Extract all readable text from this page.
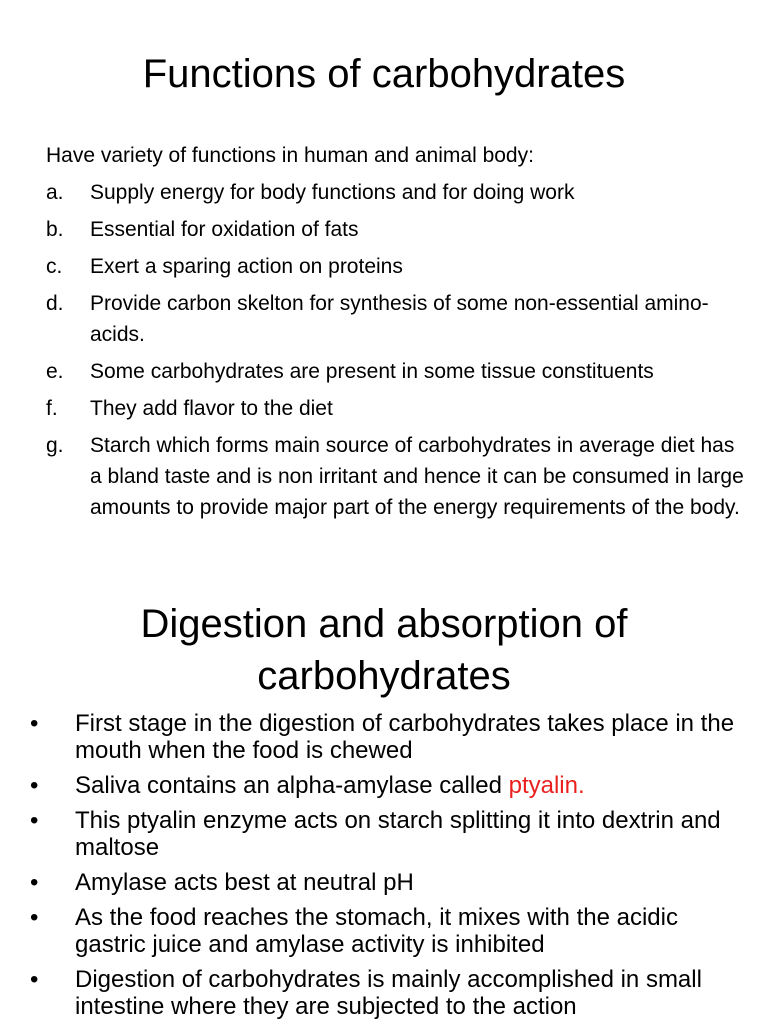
Functions of carbohydrates

Have variety of functions in human and animal body:

a. Supply energy for body functions and for doing work
b. Essential for oxidation of fats
c. Exert a sparing action on proteins
d. Provide carbon skelton for synthesis of some non-essential amino-acids.
e. Some carbohydrates are present in some tissue constituents
f. They add flavor to the diet
g. Starch which forms main source of carbohydrates in average diet has a bland taste and is non irritant and hence it can be consumed in large amounts to provide major part of the energy requirements of the body.
Digestion and absorption of
carbohydrates
• First stage in the digestion of carbohydrates takes place in the mouth when the food is chewed
• Saliva contains an alpha-amylase called ptyalin.
• This ptyalin enzyme acts on starch splitting it into dextrin and maltose
• Amylase acts best at neutral pH
• As the food reaches the stomach, it mixes with the acidic gastric juice and amylase activity is inhibited
• Digestion of carbohydrates is mainly accomplished in small intestine where they are subjected to the action
